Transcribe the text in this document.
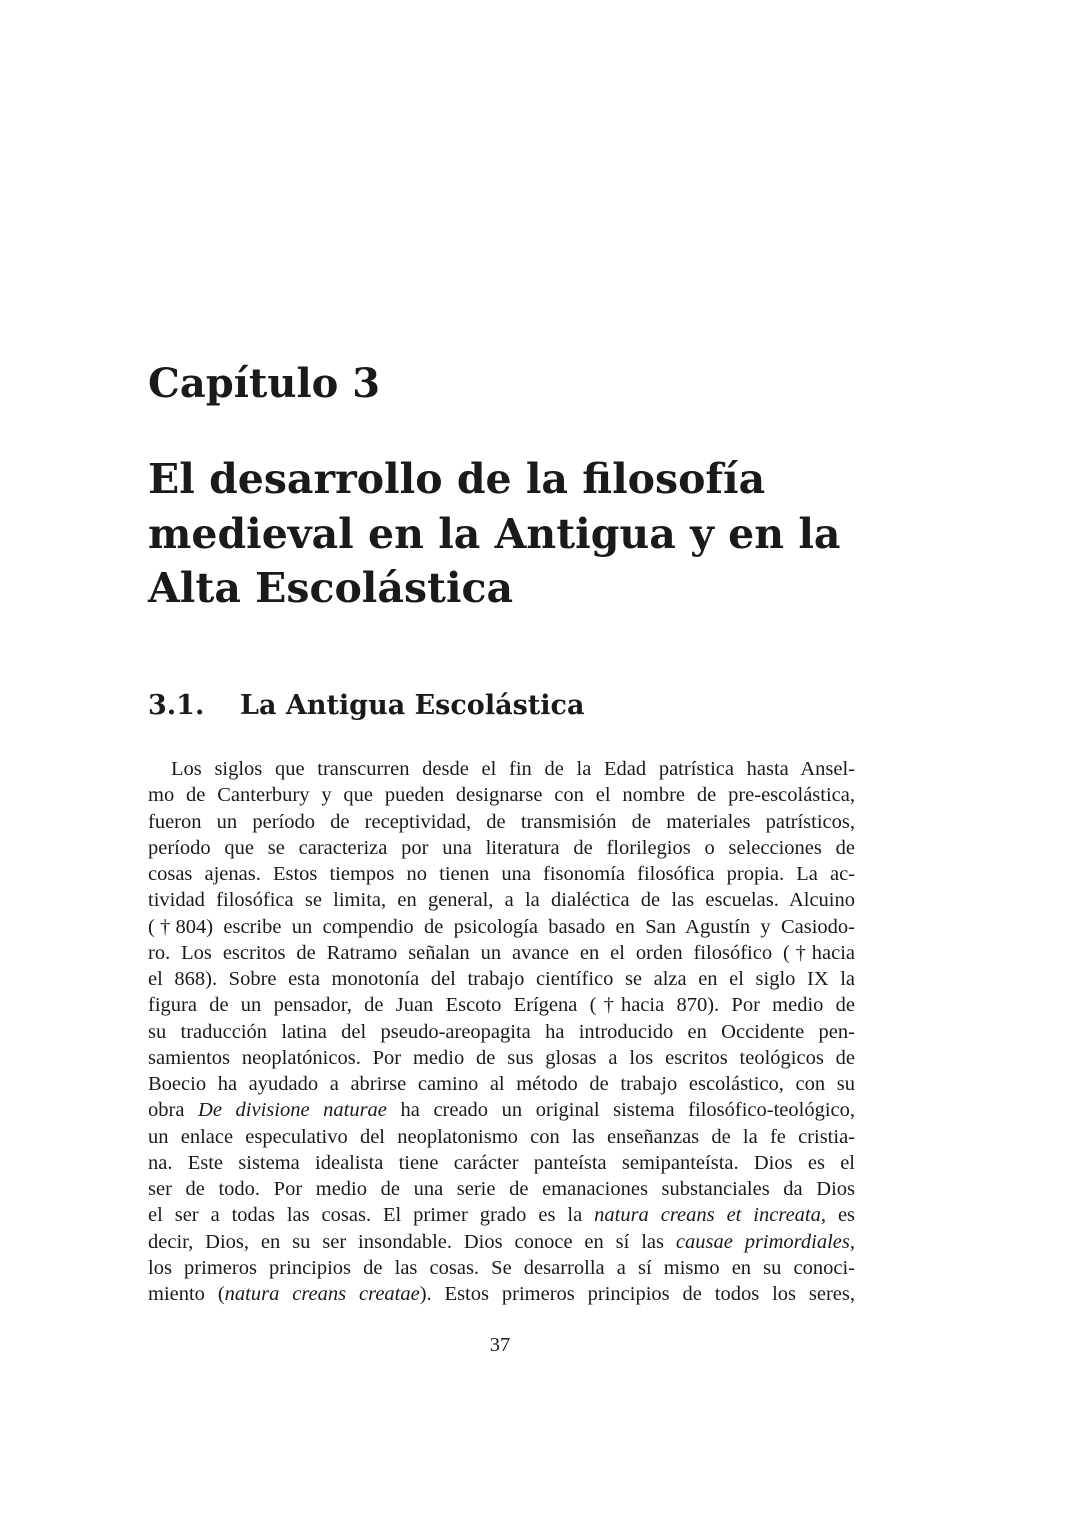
Capítulo 3
El desarrollo de la filosofía
medieval en la Antigua y en la
Alta Escolástica
3.1. La Antigua Escolástica
Los siglos que transcurren desde el fin de la Edad patrística hasta Ansel-
mo de Canterbury y que pueden designarse con el nombre de pre-escolástica,
fueron un período de receptividad, de transmisión de materiales patrísticos,
período que se caracteriza por una literatura de florilegios o selecciones de
cosas ajenas. Estos tiempos no tienen una fisonomía filosófica propia. La ac-
tividad filosófica se limita, en general, a la dialéctica de las escuelas. Alcuino
(†804) escribe un compendio de psicología basado en San Agustín y Casiodo-
ro. Los escritos de Ratramo señalan un avance en el orden filosófico (†hacia
el 868). Sobre esta monotonía del trabajo científico se alza en el siglo IX la
figura de un pensador, de Juan Escoto Erígena (†hacia 870). Por medio de
su traducción latina del pseudo-areopagita ha introducido en Occidente pen-
samientos neoplatónicos. Por medio de sus glosas a los escritos teológicos de
Boecio ha ayudado a abrirse camino al método de trabajo escolástico, con su
obra De divisione naturae ha creado un original sistema filosófico-teológico,
un enlace especulativo del neoplatonismo con las enseñanzas de la fe cristia-
na. Este sistema idealista tiene carácter panteísta semipanteísta. Dios es el
ser de todo. Por medio de una serie de emanaciones substanciales da Dios
el ser a todas las cosas. El primer grado es la natura creans et increata, es
decir, Dios, en su ser insondable. Dios conoce en sí las causae primordiales,
los primeros principios de las cosas. Se desarrolla a sí mismo en su conoci-
miento (natura creans creatae). Estos primeros principios de todos los seres,
37
